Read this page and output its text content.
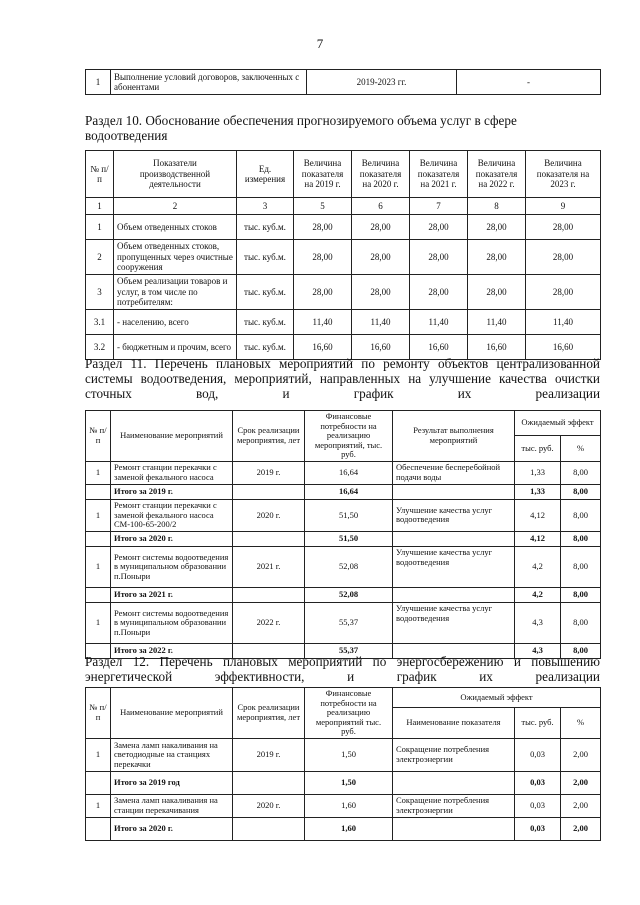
7
1	Выполнение условий договоров, заключенных с абонентами	2019-2023 гг.	-

Раздел 10. Обоснование обеспечения прогнозируемого объема услуг в сфере водоотведения

№ п/п	Показатели производственной деятельности	Ед. измерения	Величина показателя на 2019 г.	Величина показателя на 2020 г.	Величина показателя на 2021 г.	Величина показателя на 2022 г.	Величина показателя на 2023 г.
1	2	3	5	6	7	8	9
1	Объем отведенных стоков	тыс. куб.м.	28,00	28,00	28,00	28,00	28,00
2	Объем отведенных стоков, пропущенных через очистные сооружения	тыс. куб.м.	28,00	28,00	28,00	28,00	28,00
3	Объем реализации товаров и услуг, в том числе по потребителям:	тыс. куб.м.	28,00	28,00	28,00	28,00	28,00
3.1	- населению, всего	тыс. куб.м.	11,40	11,40	11,40	11,40	11,40
3.2	- бюджетным и прочим, всего	тыс. куб.м.	16,60	16,60	16,60	16,60	16,60

Раздел 11. Перечень плановых мероприятий по ремонту объектов централизованной системы водоотведения, мероприятий, направленных на улучшение качества очистки сточных вод, и график их реализации

№ п/п	Наименование мероприятий	Срок реализации мероприятия, лет	Финансовые потребности на реализацию мероприятий, тыс. руб.	Результат выполнения мероприятий	Ожидаемый эффект	
					тыс. руб.	%
1	Ремонт станции перекачки с заменой фекального насоса	2019 г.	16,64	Обеспечение бесперебойной подачи воды	1,33	8,00
	Итого за 2019 г.		16,64		1,33	8,00
1	Ремонт станции перекачки с заменой фекального насоса СМ-100-65-200/2	2020 г.	51,50	Улучшение качества услуг водоотведения	4,12	8,00
	Итого за 2020 г.		51,50		4,12	8,00
1	Ремонт системы водоотведения в муниципальном образовании п.Поныри	2021 г.	52,08	Улучшение качества услуг водоотведения	4,2	8,00
	Итого за 2021 г.		52,08		4,2	8,00
1	Ремонт системы водоотведения в муниципальном образовании п.Поныри	2022 г.	55,37	Улучшение качества услуг водоотведения	4,3	8,00
	Итого за 2022 г.		55,37		4,3	8,00

Раздел 12. Перечень плановых мероприятий по энергосбережению и повышению энергетической эффективности, и график их реализации

№ п/п	Наименование мероприятий	Срок реализации мероприятия, лет	Финансовые потребности на реализацию мероприятий тыс. руб.	Ожидаемый эффект		
				Наименование показателя	тыс. руб.	%
1	Замена ламп накаливания на светодиодные на станциях перекачки	2019 г.	1,50	Сокращение потребления электроэнергии	0,03	2,00
	Итого за 2019 год		1,50		0,03	2,00
1	Замена ламп накаливания на станции перекачивания	2020 г.	1,60	Сокращение потребления электроэнергии	0,03	2,00
	Итого за 2020 г.		1,60		0,03	2,00
